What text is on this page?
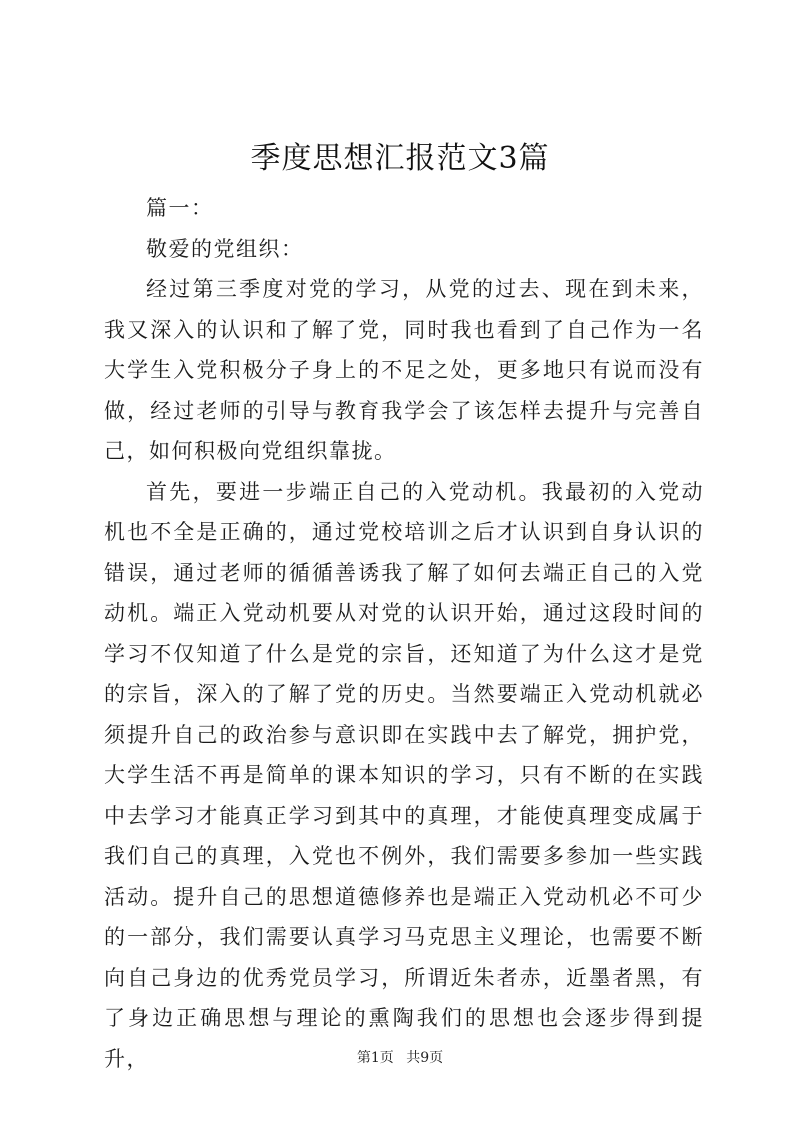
季度思想汇报范文3篇

篇一：

敬爱的党组织：

经过第三季度对党的学习，从党的过去、现在到未来，我又深入的认识和了解了党，同时我也看到了自己作为一名大学生入党积极分子身上的不足之处，更多地只有说而没有做，经过老师的引导与教育我学会了该怎样去提升与完善自己，如何积极向党组织靠拢。

首先，要进一步端正自己的入党动机。我最初的入党动机也不全是正确的，通过党校培训之后才认识到自身认识的错误，通过老师的循循善诱我了解了如何去端正自己的入党动机。端正入党动机要从对党的认识开始，通过这段时间的学习不仅知道了什么是党的宗旨，还知道了为什么这才是党的宗旨，深入的了解了党的历史。当然要端正入党动机就必须提升自己的政治参与意识即在实践中去了解党，拥护党，大学生活不再是简单的课本知识的学习，只有不断的在实践中去学习才能真正学习到其中的真理，才能使真理变成属于我们自己的真理，入党也不例外，我们需要多参加一些实践活动。提升自己的思想道德修养也是端正入党动机必不可少的一部分，我们需要认真学习马克思主义理论，也需要不断向自己身边的优秀党员学习，所谓近朱者赤，近墨者黑，有了身边正确思想与理论的熏陶我们的思想也会逐步得到提升，	第1页 共9页
